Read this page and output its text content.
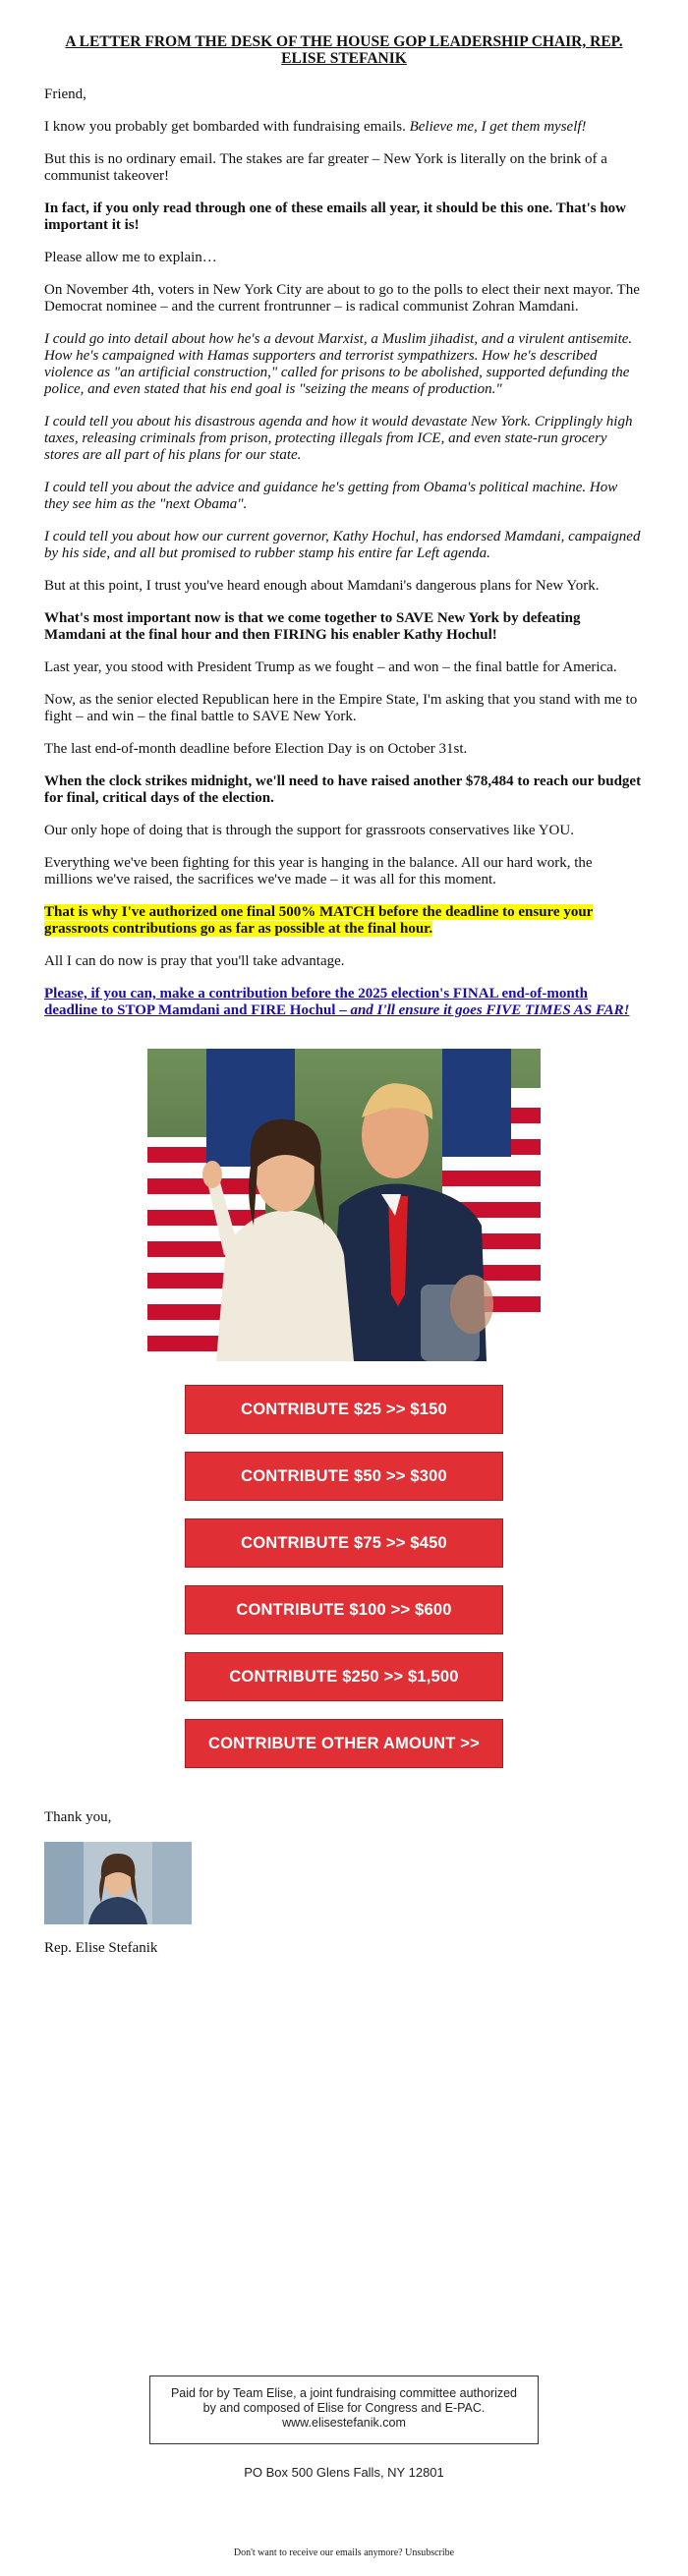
A LETTER FROM THE DESK OF THE HOUSE GOP LEADERSHIP CHAIR, REP. ELISE STEFANIK

Friend,

I know you probably get bombarded with fundraising emails. Believe me, I get them myself!

But this is no ordinary email. The stakes are far greater – New York is literally on the brink of a communist takeover!

In fact, if you only read through one of these emails all year, it should be this one. That's how important it is!

Please allow me to explain…

On November 4th, voters in New York City are about to go to the polls to elect their next mayor. The Democrat nominee – and the current frontrunner – is radical communist Zohran Mamdani.

I could go into detail about how he's a devout Marxist, a Muslim jihadist, and a virulent antisemite. How he's campaigned with Hamas supporters and terrorist sympathizers. How he's described violence as "an artificial construction," called for prisons to be abolished, supported defunding the police, and even stated that his end goal is "seizing the means of production."

I could tell you about his disastrous agenda and how it would devastate New York. Cripplingly high taxes, releasing criminals from prison, protecting illegals from ICE, and even state-run grocery stores are all part of his plans for our state.

I could tell you about the advice and guidance he's getting from Obama's political machine. How they see him as the "next Obama".

I could tell you about how our current governor, Kathy Hochul, has endorsed Mamdani, campaigned by his side, and all but promised to rubber stamp his entire far Left agenda.

But at this point, I trust you've heard enough about Mamdani's dangerous plans for New York.

What's most important now is that we come together to SAVE New York by defeating Mamdani at the final hour and then FIRING his enabler Kathy Hochul!

Last year, you stood with President Trump as we fought – and won – the final battle for America.

Now, as the senior elected Republican here in the Empire State, I'm asking that you stand with me to fight – and win – the final battle to SAVE New York.

The last end-of-month deadline before Election Day is on October 31st.

When the clock strikes midnight, we'll need to have raised another $78,484 to reach our budget for final, critical days of the election.

Our only hope of doing that is through the support for grassroots conservatives like YOU.

Everything we've been fighting for this year is hanging in the balance. All our hard work, the millions we've raised, the sacrifices we've made – it was all for this moment.

That is why I've authorized one final 500% MATCH before the deadline to ensure your grassroots contributions go as far as possible at the final hour.

All I can do now is pray that you'll take advantage.

Please, if you can, make a contribution before the 2025 election's FINAL end-of-month deadline to STOP Mamdani and FIRE Hochul – and I'll ensure it goes FIVE TIMES AS FAR!

CONTRIBUTE $25 >> $150
CONTRIBUTE $50 >> $300
CONTRIBUTE $75 >> $450
CONTRIBUTE $100 >> $600
CONTRIBUTE $250 >> $1,500
CONTRIBUTE OTHER AMOUNT >>

Thank you,

Rep. Elise Stefanik

Paid for by Team Elise, a joint fundraising committee authorized by and composed of Elise for Congress and E-PAC. www.elisestefanik.com
PO Box 500 Glens Falls, NY 12801
Don't want to receive our emails anymore? Unsubscribe
